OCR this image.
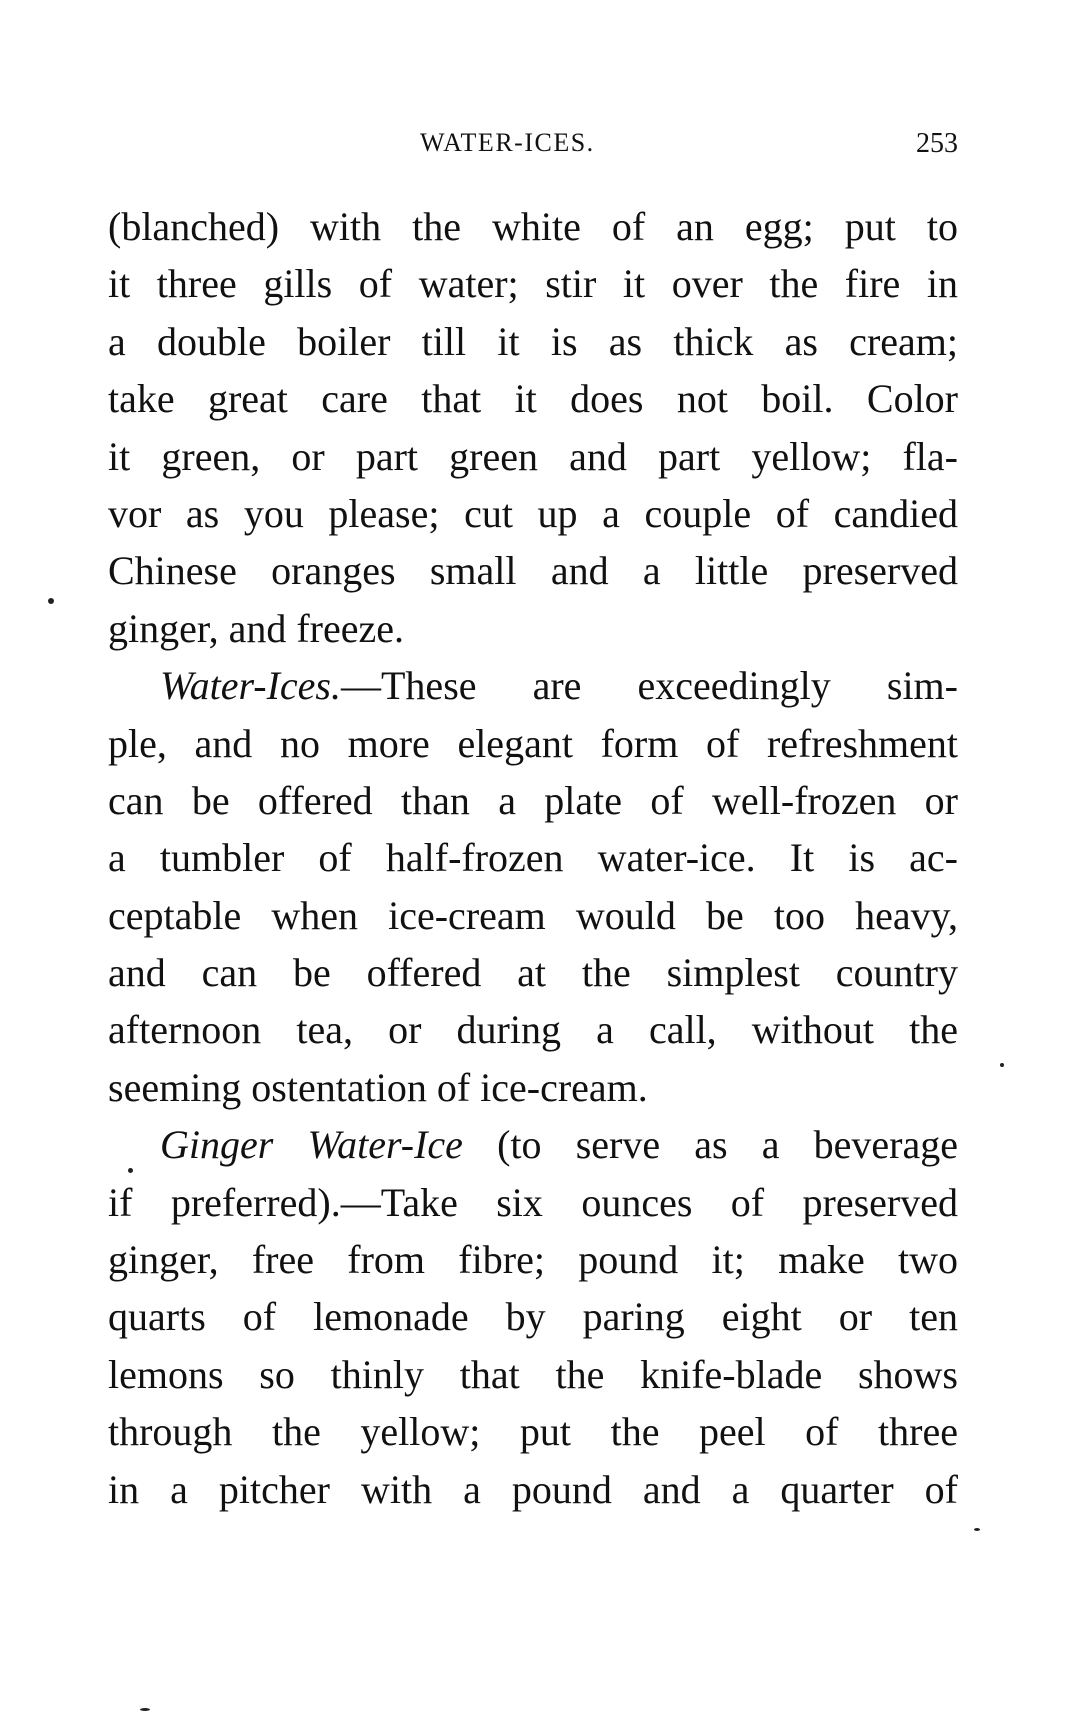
WATER-ICES.	253
(blanched) with the white of an egg; put to
it three gills of water; stir it over the fire in
a double boiler till it is as thick as cream;
take great care that it does not boil. Color
it green, or part green and part yellow; fla-
vor as you please; cut up a couple of candied
Chinese oranges small and a little preserved
ginger, and freeze.
Water-Ices.—These are exceedingly sim-
ple, and no more elegant form of refreshment
can be offered than a plate of well-frozen or
a tumbler of half-frozen water-ice. It is ac-
ceptable when ice-cream would be too heavy,
and can be offered at the simplest country
afternoon tea, or during a call, without the
seeming ostentation of ice-cream.
Ginger Water-Ice (to serve as a beverage
if preferred).—Take six ounces of preserved
ginger, free from fibre; pound it; make two
quarts of lemonade by paring eight or ten
lemons so thinly that the knife-blade shows
through the yellow; put the peel of three
in a pitcher with a pound and a quarter of
